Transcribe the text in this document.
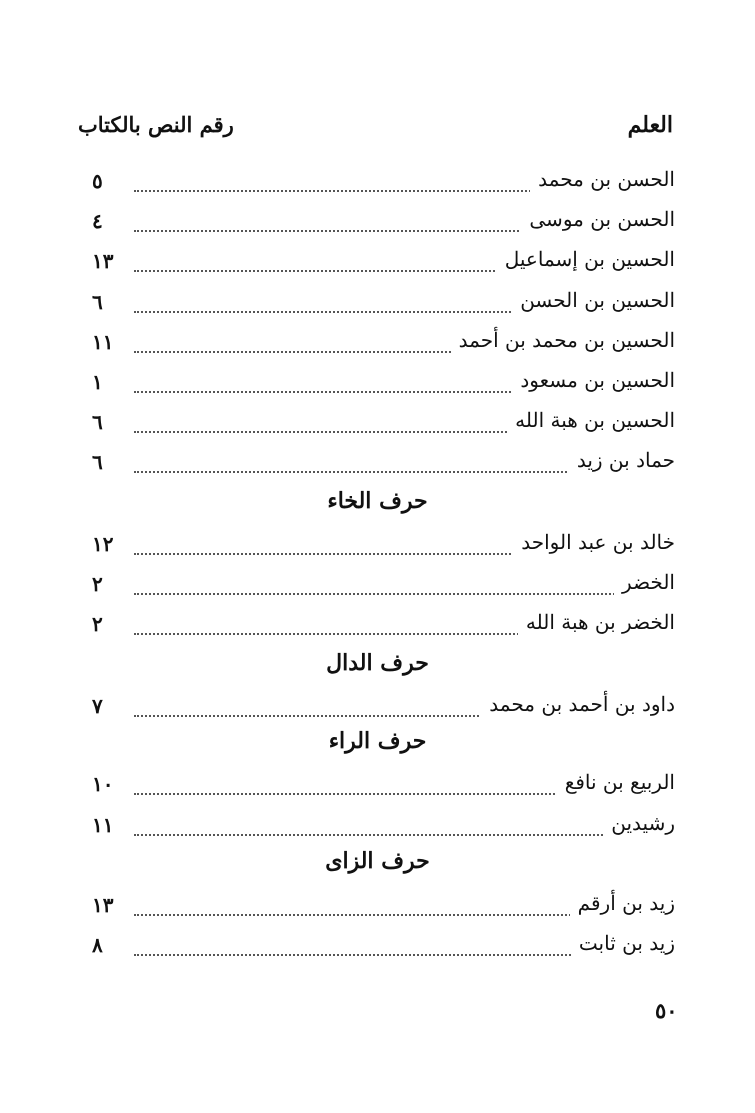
العلم
رقم النص بالكتاب
الحسن بن محمد
٥
الحسن بن موسى
٤
الحسين بن إسماعيل
١٣
الحسين بن الحسن
٦
الحسين بن محمد بن أحمد
١١
الحسين بن مسعود
١
الحسين بن هبة الله
٦
حماد بن زيد
٦
حرف الخاء
خالد بن عبد الواحد
١٢
الخضر
٢
الخضر بن هبة الله
٢
حرف الدال
داود بن أحمد بن محمد
٧
حرف الراء
الربيع بن نافع
١٠
رشيدين
١١
حرف الزاى
زيد بن أرقم
١٣
زيد بن ثابت
٨
٥٠
